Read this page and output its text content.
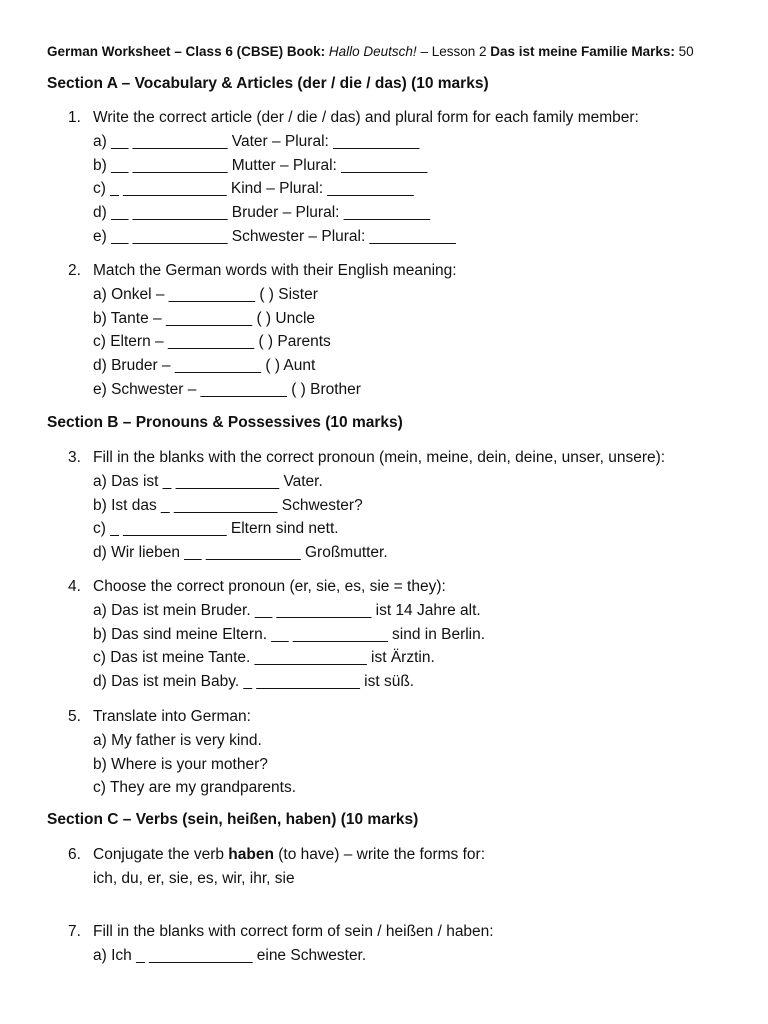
German Worksheet – Class 6 (CBSE) Book: Hallo Deutsch! – Lesson 2 Das ist meine Familie Marks: 50
Section A – Vocabulary & Articles (der / die / das) (10 marks)
1. Write the correct article (der / die / das) and plural form for each family member:
a) __ ___________ Vater – Plural: __________
b) __ ___________ Mutter – Plural: __________
c) _ ____________ Kind – Plural: __________
d) __ ___________ Bruder – Plural: __________
e) __ ___________ Schwester – Plural: __________
2. Match the German words with their English meaning:
a) Onkel – __________ ( ) Sister
b) Tante – __________ ( ) Uncle
c) Eltern – __________ ( ) Parents
d) Bruder – __________ ( ) Aunt
e) Schwester – __________ ( ) Brother
Section B – Pronouns & Possessives (10 marks)
3. Fill in the blanks with the correct pronoun (mein, meine, dein, deine, unser, unsere):
a) Das ist _ ____________ Vater.
b) Ist das _ ____________ Schwester?
c) _ ____________ Eltern sind nett.
d) Wir lieben __ ___________ Großmutter.
4. Choose the correct pronoun (er, sie, es, sie = they):
a) Das ist mein Bruder. __ ___________ ist 14 Jahre alt.
b) Das sind meine Eltern. __ ___________ sind in Berlin.
c) Das ist meine Tante. _____________ ist Ärztin.
d) Das ist mein Baby. _ ____________ ist süß.
5. Translate into German:
a) My father is very kind.
b) Where is your mother?
c) They are my grandparents.
Section C – Verbs (sein, heißen, haben) (10 marks)
6. Conjugate the verb haben (to have) – write the forms for:
ich, du, er, sie, es, wir, ihr, sie
7. Fill in the blanks with correct form of sein / heißen / haben:
a) Ich _ ____________ eine Schwester.
